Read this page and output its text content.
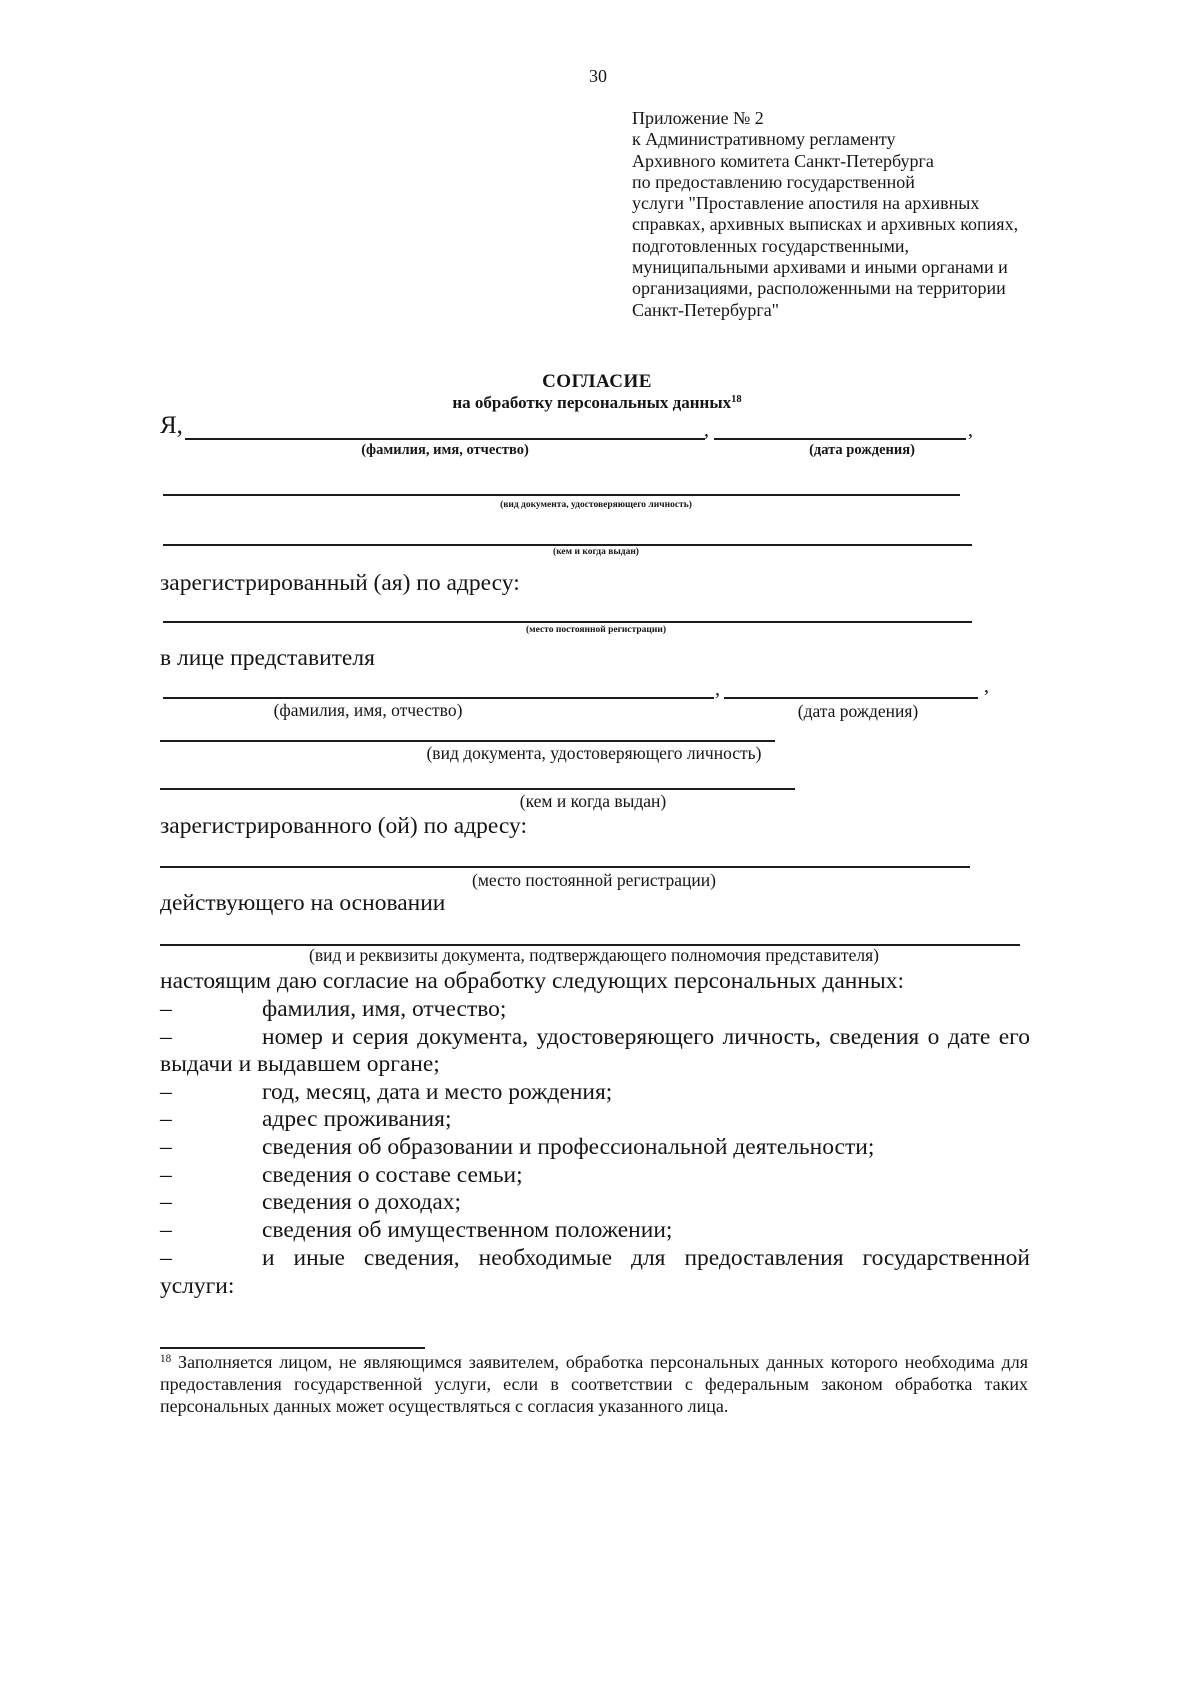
30
Приложение № 2
к Административному регламенту
Архивного комитета Санкт-Петербурга
по предоставлению государственной
услуги "Проставление апостиля на архивных
справках, архивных выписках и архивных копиях,
подготовленных государственными,
муниципальными архивами и иными органами и
организациями, расположенными на территории
Санкт-Петербурга"
СОГЛАСИЕ
на обработку персональных данных$^{18}$
Я,	,	,
(фамилия, имя, отчество)	(дата рождения)
(вид документа, удостоверяющего личность)
(кем и когда выдан)
зарегистрированный (ая) по адресу:
(место постоянной регистрации)
в лице представителя
,	,
(фамилия, имя, отчество)	(дата рождения)
(вид документа, удостоверяющего личность)
(кем и когда выдан)
зарегистрированного (ой) по адресу:
(место постоянной регистрации)
действующего на основании
(вид и реквизиты документа, подтверждающего полномочия представителя)
настоящим даю согласие на обработку следующих персональных данных:
–	фамилия, имя, отчество;
–	номер и серия документа, удостоверяющего личность, сведения о дате его
выдачи и выдавшем органе;
–	год, месяц, дата и место рождения;
–	адрес проживания;
–	сведения об образовании и профессиональной деятельности;
–	сведения о составе семьи;
–	сведения о доходах;
–	сведения об имущественном положении;
–	и иные сведения, необходимые для предоставления государственной
услуги:
$^{18}$ Заполняется лицом, не являющимся заявителем, обработка персональных данных которого необходима для
предоставления государственной услуги, если в соответствии с федеральным законом обработка таких
персональных данных может осуществляться с согласия указанного лица.
